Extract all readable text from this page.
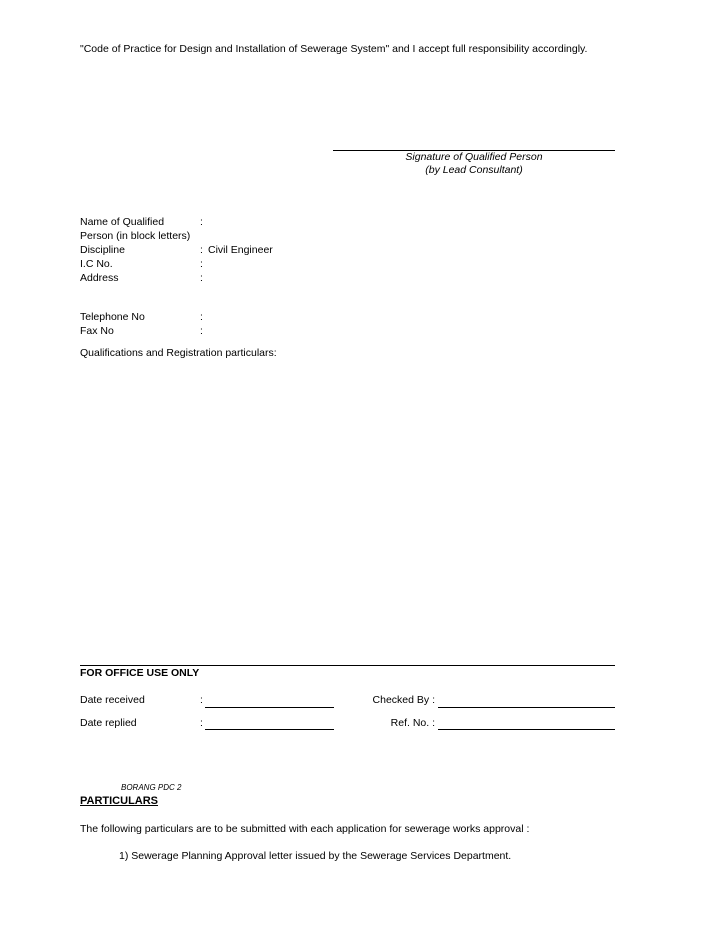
"Code of Practice for Design and Installation of Sewerage System" and I accept full responsibility accordingly.
Signature of Qualified Person
(by Lead Consultant)
Name of Qualified	:
Person (in block letters)
Discipline	: Civil Engineer
I.C No.	:
Address	:
Telephone No	:
Fax No	:
Qualifications and Registration particulars:
FOR OFFICE USE ONLY
Date received	:	Checked By :
Date replied	:	Ref. No. :
BORANG PDC 2
PARTICULARS
The following particulars are to be submitted with each application for sewerage works approval :
1) Sewerage Planning Approval letter issued by the Sewerage Services Department.
